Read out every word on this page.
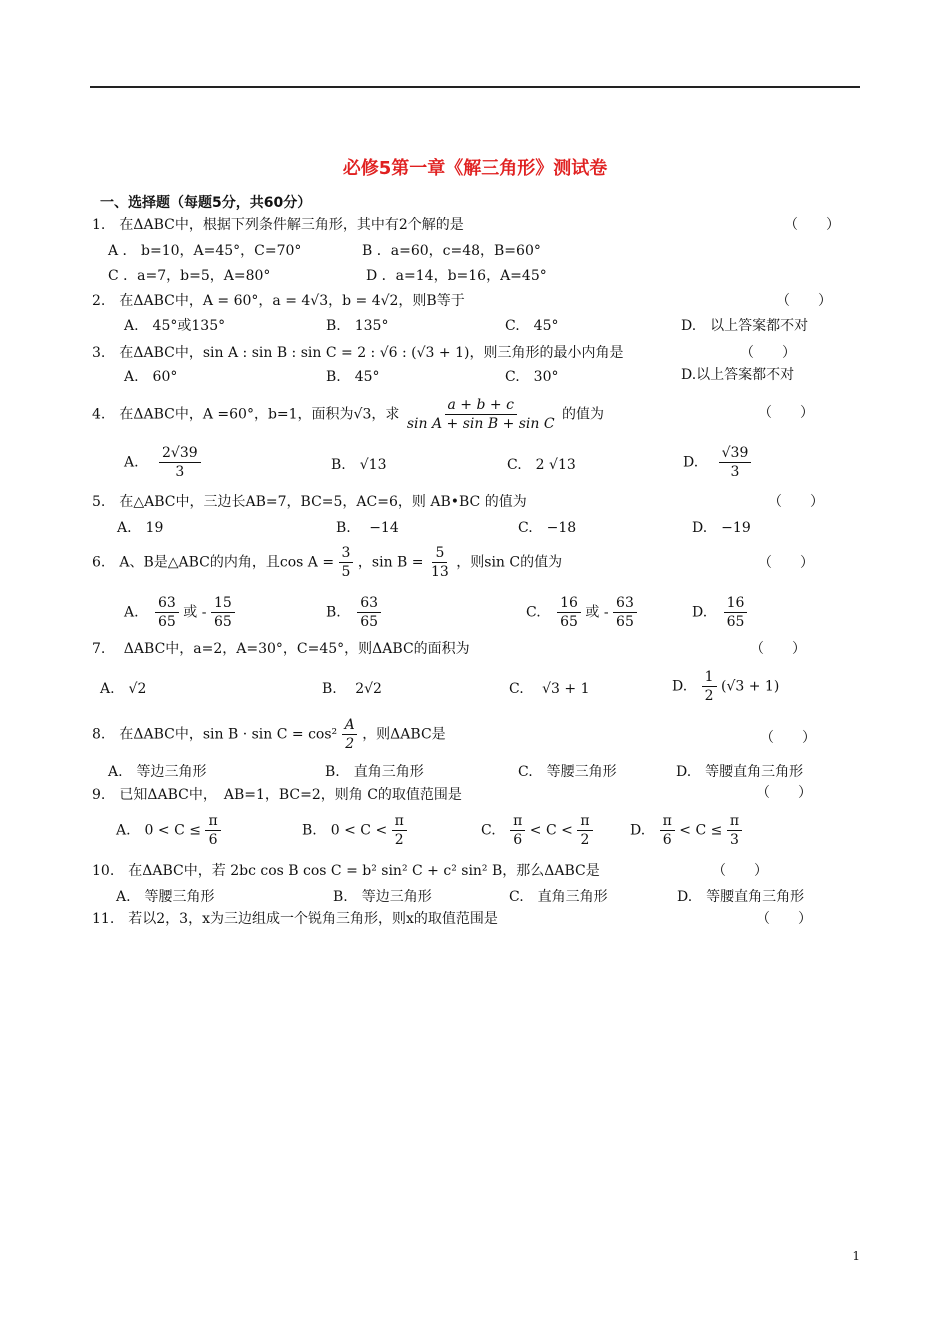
必修5第一章《解三角形》测试卷
一、选择题（每题5分，共60分）
1.　在ΔABC中，根据下列条件解三角形，其中有2个解的是	（　　）
A ． b=10，A=45°，C=70°	B ．a=60，c=48，B=60°
C ．a=7，b=5，A=80°	D ．a=14，b=16，A=45°
2.　在ΔABC中，A = 60°，a = 4√3，b = 4√2，则B等于	（　　）
A.　45°或135°	B.　135°	C.　45°	D.　以上答案都不对
3.　在ΔABC中，sin A : sin B : sin C = 2 : √6 : (√3 + 1)，则三角形的最小内角是	（　　）
A.　60°	B.　45°	C.　30°	D.以上答案都不对
4.　在ΔABC中，A =60°，b=1，面积为√3，求 $\frac{a + b + c}{\text{sin A + sin B + sin C}}$ 的值为	（　　）
A. $\frac{2√39}{3}$	B.　√13	C.　2 √13	D. $\frac{√39}{3}$
5.　在△ABC中，三边长AB=7，BC=5，AC=6，则 AB•BC 的值为	（　　）
A.　19	B.　 −14	C.　−18	D.　−19
6.　A、B是△ABC的内角，且$\cos A = \frac{3}{5}$ ，$\sin B = \frac{5}{13}$ ，则sin C的值为	（　　）
A. $\frac{63}{65}$ 或 - $\frac{15}{65}$	B. $\frac{63}{65}$	C. $\frac{16}{65}$ 或 - $\frac{63}{65}$	D. $\frac{16}{65}$
7.　 ΔABC中，a=2，A=30°，C=45°，则ΔABC的面积为	（　　）
A.　√2	B.　 2√2	C.　 √3 + 1	D. $\frac{1}{2} (√3 + 1)$
8.　在ΔABC中，$\sin B \cdot \sin C = \cos^2 \frac{A}{2}$ ，则ΔABC是	（　　）
A.　等边三角形	B.　直角三角形	C.　等腰三角形	D.　等腰直角三角形
9.　已知ΔABC中，　AB=1，BC=2，则角 C的取值范围是	（　　）
A.　$0 < C \le \frac{\pi}{6}$	B.　$0 < C < \frac{\pi}{2}$	C. $\frac{\pi}{6} < C < \frac{\pi}{2}$	D. $\frac{\pi}{6} < C \le \frac{\pi}{3}$
10.　在ΔABC中，若 2bc cos B cos C = b² sin² C + c² sin² B，那么ΔABC是	（　　）
A.　等腰三角形	B.　等边三角形	C.　直角三角形	D.　等腰直角三角形
11.　若以2，3，x为三边组成一个锐角三角形，则x的取值范围是	（　　）
1
